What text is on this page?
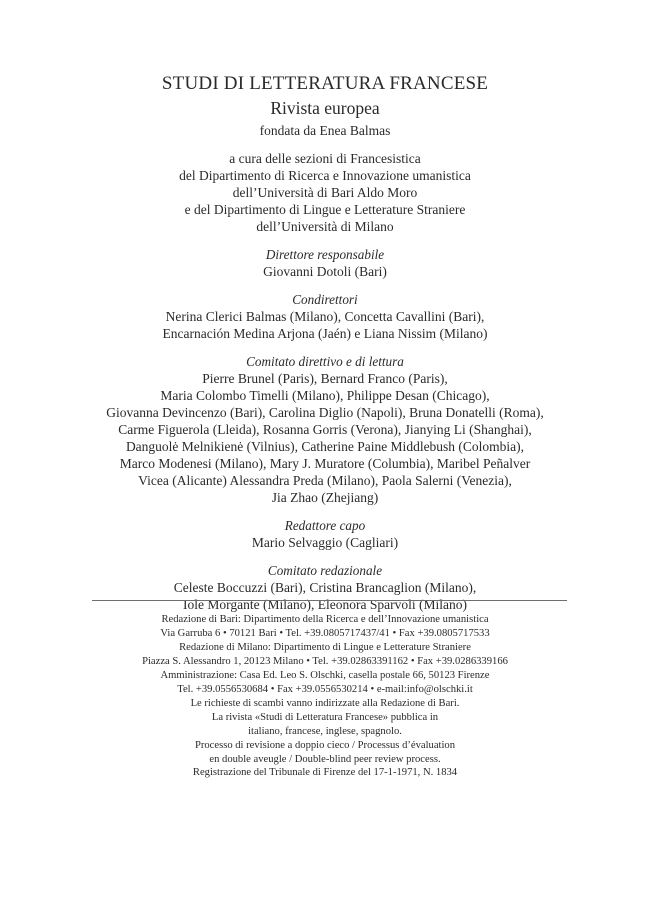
STUDI DI LETTERATURA FRANCESE
Rivista europea
fondata da Enea Balmas
a cura delle sezioni di Francesistica
del Dipartimento di Ricerca e Innovazione umanistica
dell’Università di Bari Aldo Moro
e del Dipartimento di Lingue e Letterature Straniere
dell’Università di Milano
Direttore responsabile
Giovanni Dotoli (Bari)
Condirettori
Nerina Clerici Balmas (Milano), Concetta Cavallini (Bari),
Encarnación Medina Arjona (Jaén) e Liana Nissim (Milano)
Comitato direttivo e di lettura
Pierre Brunel (Paris), Bernard Franco (Paris),
Maria Colombo Timelli (Milano), Philippe Desan (Chicago),
Giovanna Devincenzo (Bari), Carolina Diglio (Napoli), Bruna Donatelli (Roma),
Carme Figuerola (Lleida), Rosanna Gorris (Verona), Jianying Li (Shanghai),
Danguolė Melnikienė (Vilnius), Catherine Paine Middlebush (Colombia),
Marco Modenesi (Milano), Mary J. Muratore (Columbia), Maribel Peñalver
Vicea (Alicante) Alessandra Preda (Milano), Paola Salerni (Venezia),
Jia Zhao (Zhejiang)
Redattore capo
Mario Selvaggio (Cagliari)
Comitato redazionale
Celeste Boccuzzi (Bari), Cristina Brancaglion (Milano),
Iole Morgante (Milano), Eleonora Sparvoli (Milano)
Redazione di Bari: Dipartimento della Ricerca e dell’Innovazione umanistica
Via Garruba 6 • 70121 Bari • Tel. +39.0805717437/41 • Fax +39.0805717533
Redazione di Milano: Dipartimento di Lingue e Letterature Straniere
Piazza S. Alessandro 1, 20123 Milano • Tel. +39.02863391162 • Fax +39.0286339166
Amministrazione: Casa Ed. Leo S. Olschki, casella postale 66, 50123 Firenze
Tel. +39.0556530684 • Fax +39.0556530214 • e-mail:info@olschki.it
Le richieste di scambi vanno indirizzate alla Redazione di Bari.
La rivista «Studi di Letteratura Francese» pubblica in
italiano, francese, inglese, spagnolo.
Processo di revisione a doppio cieco / Processus d’évaluation
en double aveugle / Double-blind peer review process.
Registrazione del Tribunale di Firenze del 17-1-1971, N. 1834
